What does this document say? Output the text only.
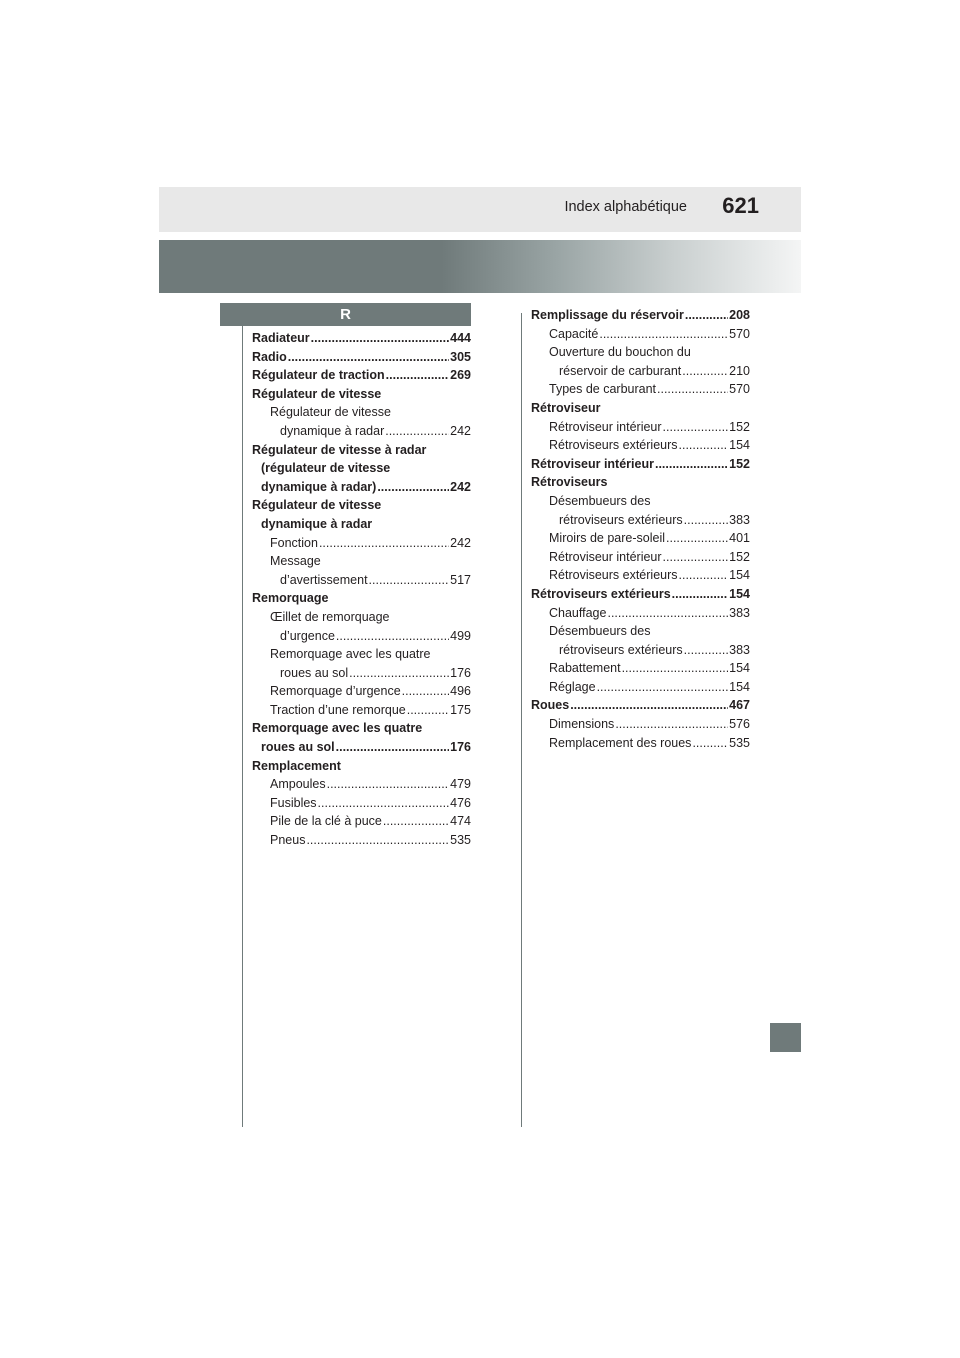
Index alphabétique 621
R
Radiateur .....	444
Radio .....	305
Régulateur de traction .....	269
Régulateur de vitesse
Régulateur de vitesse
dynamique à radar .....	242
Régulateur de vitesse à radar
(régulateur de vitesse
dynamique à radar) .....	242
Régulateur de vitesse
dynamique à radar
Fonction .....	242
Message
d’avertissement .....	517
Remorquage
Œillet de remorquage
d’urgence .....	499
Remorquage avec les quatre
roues au sol .....	176
Remorquage d’urgence .....	496
Traction d’une remorque .....	175
Remorquage avec les quatre
roues au sol .....	176
Remplacement
Ampoules .....	479
Fusibles .....	476
Pile de la clé à puce .....	474
Pneus .....	535
Remplissage du réservoir .....	208
Capacité .....	570
Ouverture du bouchon du
réservoir de carburant .....	210
Types de carburant .....	570
Rétroviseur
Rétroviseur intérieur .....	152
Rétroviseurs extérieurs .....	154
Rétroviseur intérieur .....	152
Rétroviseurs
Désembueurs des
rétroviseurs extérieurs .....	383
Miroirs de pare-soleil .....	401
Rétroviseur intérieur .....	152
Rétroviseurs extérieurs .....	154
Rétroviseurs extérieurs .....	154
Chauffage .....	383
Désembueurs des
rétroviseurs extérieurs .....	383
Rabattement .....	154
Réglage .....	154
Roues .....	467
Dimensions .....	576
Remplacement des roues .....	535
